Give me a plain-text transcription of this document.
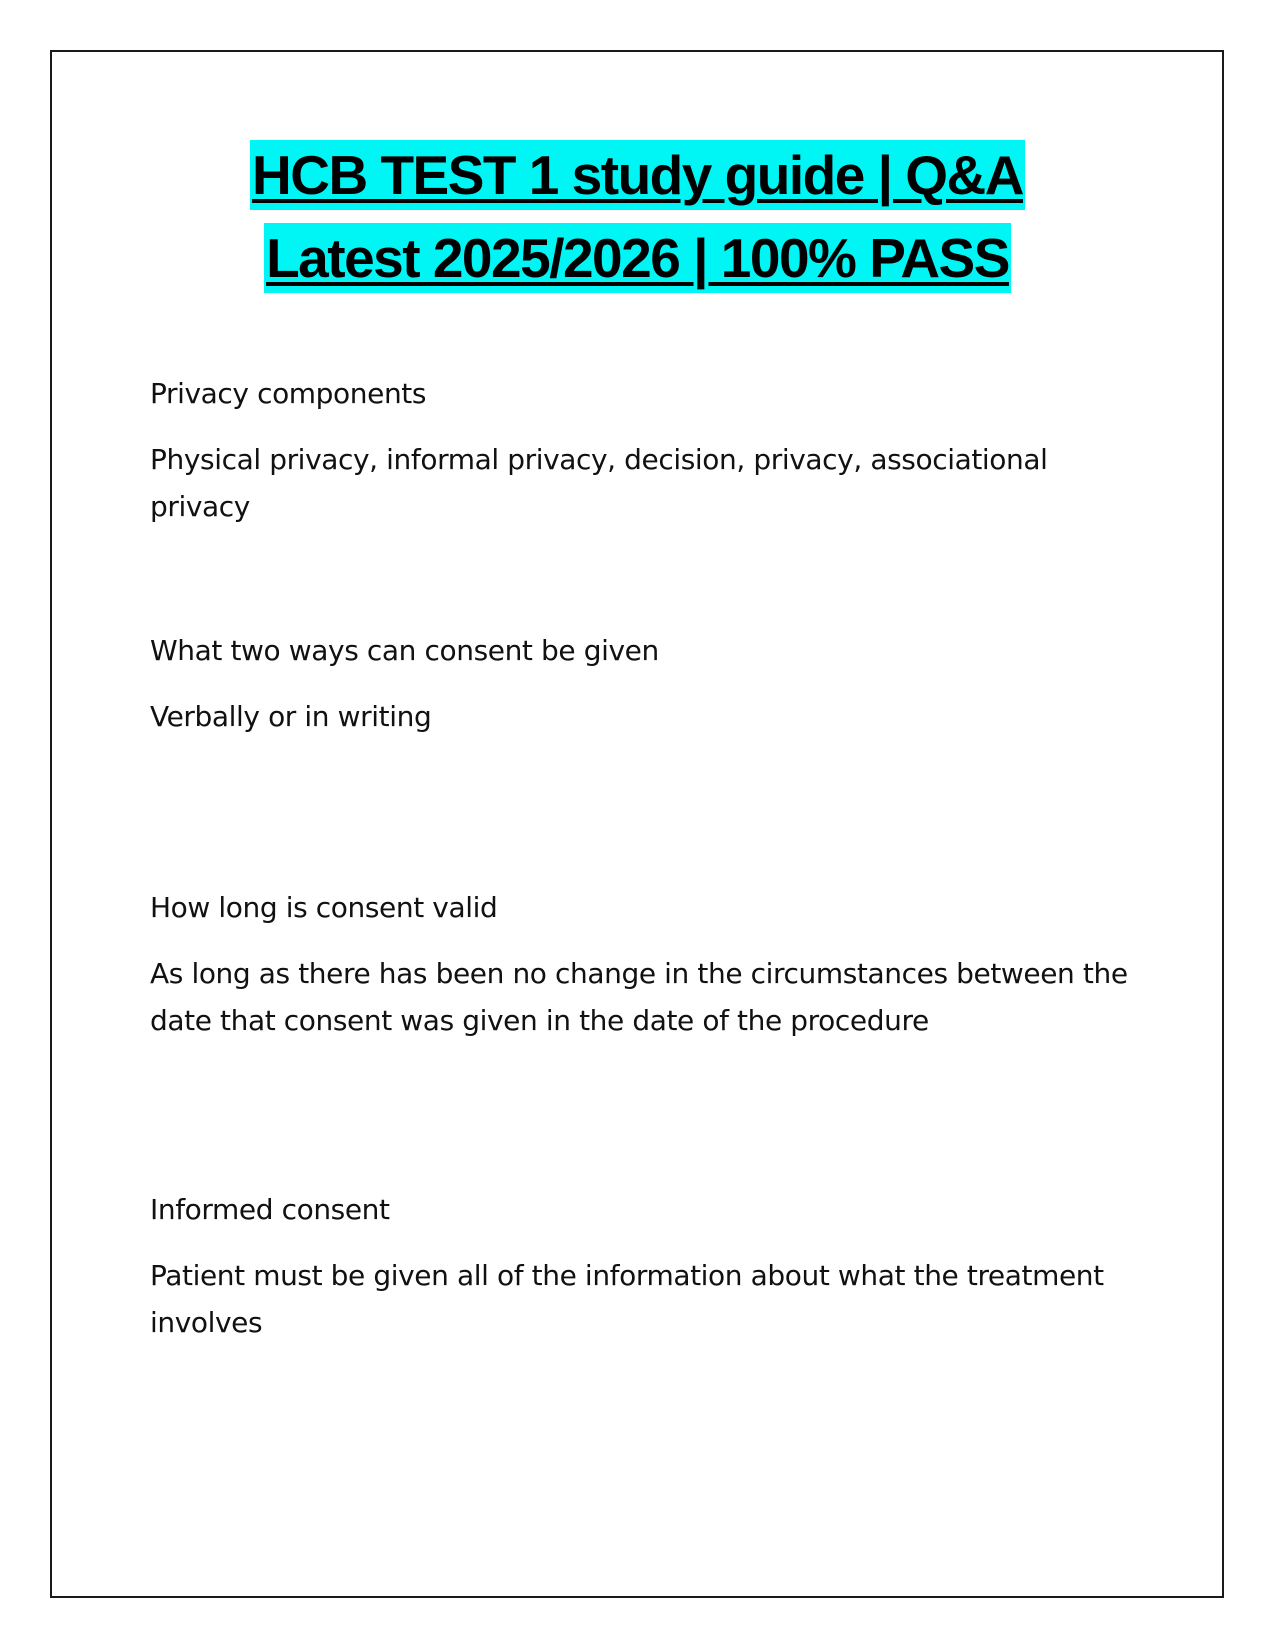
HCB TEST 1 study guide | Q&A
Latest 2025/2026 | 100% PASS

Privacy components

Physical privacy, informal privacy, decision, privacy, associational privacy

What two ways can consent be given

Verbally or in writing

How long is consent valid

As long as there has been no change in the circumstances between the date that consent was given in the date of the procedure

Informed consent

Patient must be given all of the information about what the treatment involves
